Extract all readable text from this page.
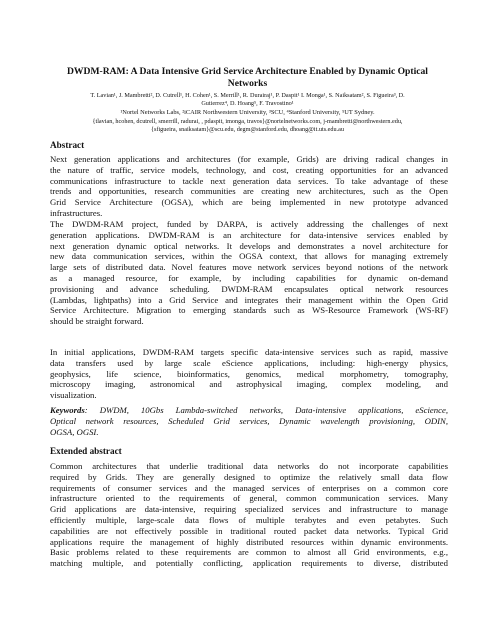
DWDM-RAM: A Data Intensive Grid Service Architecture Enabled by Dynamic Optical
Networks
T. Lavian¹, J. Mambretti², D. Cutrell¹, H. Cohen¹, S. Merrill¹, R. Durairaj¹, P. Daspit¹ I. Monga¹, S. Naiksatam², S. Figueira³, D.
Gutierrez⁴, D. Hoang⁵, F. Travostino¹
¹Nortel Networks Labs, ²iCAIR Northwestern University, ³SCU, ⁴Stanford University, ⁵UT Sydney.
{tlavian, hcohen, dcutrell, smerrill, radurai, , pdaspit, imonga, travos}@nortelnetworks.com, j-mambretti@northwestern.edu,
{sfigueira, snaiksatam}@scu.edu, degm@stanford.edu, dhoang@it.uts.edu.au
Abstract
Next generation applications and architectures (for example, Grids) are driving radical changes in
the nature of traffic, service models, technology, and cost, creating opportunities for an advanced
communications infrastructure to tackle next generation data services. To take advantage of these
trends and opportunities, research communities are creating new architectures, such as the Open
Grid Service Architecture (OGSA), which are being implemented in new prototype advanced
infrastructures.
The DWDM-RAM project, funded by DARPA, is actively addressing the challenges of next
generation applications. DWDM-RAM is an architecture for data-intensive services enabled by
next generation dynamic optical networks. It develops and demonstrates a novel architecture for
new data communication services, within the OGSA context, that allows for managing extremely
large sets of distributed data. Novel features move network services beyond notions of the network
as a managed resource, for example, by including capabilities for dynamic on-demand
provisioning and advance scheduling. DWDM-RAM encapsulates optical network resources
(Lambdas, lightpaths) into a Grid Service and integrates their management within the Open Grid
Service Architecture. Migration to emerging standards such as WS-Resource Framework (WS-RF)
should be straight forward.
In initial applications, DWDM-RAM targets specific data-intensive services such as rapid, massive
data transfers used by large scale eScience applications, including: high-energy physics,
geophysics, life science, bioinformatics, genomics, medical morphometry, tomography,
microscopy imaging, astronomical and astrophysical imaging, complex modeling, and
visualization.
Keywords: DWDM, 10Gbs Lambda-switched networks, Data-intensive applications, eScience,
Optical network resources, Scheduled Grid services, Dynamic wavelength provisioning, ODIN,
OGSA, OGSI.
Extended abstract
Common architectures that underlie traditional data networks do not incorporate capabilities
required by Grids. They are generally designed to optimize the relatively small data flow
requirements of consumer services and the managed services of enterprises on a common core
infrastructure oriented to the requirements of general, common communication services. Many
Grid applications are data-intensive, requiring specialized services and infrastructure to manage
efficiently multiple, large-scale data flows of multiple terabytes and even petabytes. Such
capabilities are not effectively possible in traditional routed packet data networks. Typical Grid
applications require the management of highly distributed resources within dynamic environments.
Basic problems related to these requirements are common to almost all Grid environments, e.g.,
matching multiple, and potentially conflicting, application requirements to diverse, distributed
